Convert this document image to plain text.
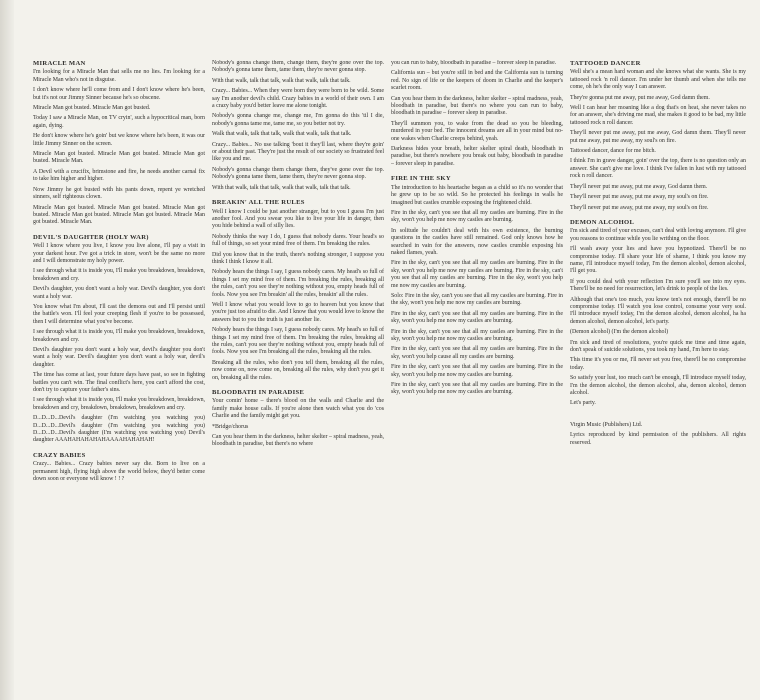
MIRACLE MAN

I'm looking for a Miracle Man that sells me no lies. I'm looking for a Miracle Man who's not in disguise.

I don't know where he'll come from and I don't know where he's been, but it's not our Jimmy Sinner because he's so obscene.

Miracle Man got busted. Miracle Man got busted.

Today I saw a Miracle Man, on TV cryin', such a hypocritical man, born again, dying.

He don't know where he's goin' but we know where he's been, it was our little Jimmy Sinner on the screen.

Miracle Man got busted. Miracle Man got busted. Miracle Man got busted. Miracle Man.

A Devil with a crucifix, brimstone and fire, he needs another carnal fix to take him higher and higher.

Now Jimmy he got busted with his pants down, repent ye wretched sinners, self righteous clown.

Miracle Man got busted. Miracle Man got busted. Miracle Man got busted. Miracle Man got busted. Miracle Man got busted. Miracle Man got busted. Miracle Man.

DEVIL'S DAUGHTER (HOLY WAR)

Well I know where you live, I know you live alone, I'll pay a visit in your darkest hour. I've got a trick in store, won't be the same no more and I will demonstrate my holy power.

I see through what it is inside you, I'll make you breakdown, breakdown, breakdown and cry.

Devil's daughter, you don't want a holy war. Devil's daughter, you don't want a holy war.

You know what I'm about, I'll cast the demons out and I'll persist until the battle's won. I'll feel your creeping flesh if you're to be possessed, then I will determine what you've become.

I see through what it is inside you, I'll make you breakdown, breakdown, breakdown and cry.

Devil's daughter you don't want a holy war, devil's daughter you don't want a holy war. Devil's daughter you don't want a holy war, devil's daughter.

The time has come at last, your future days have past, so see in fighting battles you can't win. The final conflict's here, you can't afford the cost, don't try to capture your father's sins.

I see through what it is inside you, I'll make you breakdown, breakdown, breakdown and cry, breakdown, breakdown, breakdown and cry.

D...D...D...Devil's daughter (I'm watching you watching you) D...D...D...Devil's daughter (I'm watching you watching you) D...D...D...Devil's daughter (I'm watching you watching you) Devil's daughter AAAHAHAHAHAHAAAAHAHAHAH!

CRAZY BABIES

Crazy... Babies... Crazy babies never say die. Born to live on a permanent high, flying high above the world below, they'd better come down soon or everyone will know ! ! ?

Nobody's gonna change them, change them, they're gone over the top. Nobody's gonna tame them, tame them, they're never gonna stop.

With that walk, talk that talk, walk that walk, talk that talk.

Crazy... Babies... When they were born they were born to be wild. Some say I'm another devil's child. Crazy babies in a world of their own. I am a crazy baby you'd better leave me alone tonight.

Nobody's gonna change me, change me, I'm gonna do this 'til I die, nobody's gonna tame me, tame me, so you better not try.

Walk that walk, talk that talk, walk that walk, talk that talk.

Crazy... Babies... No use talking 'bout it they'll last, where they're goin' or about their past. They're just the result of our society so frustrated feel like you and me.

Nobody's gonna change them change them, they've gone over the top. Nobody's gonna tame them, tame them, they're never gonna stop.

With that walk, talk that talk, walk that walk, talk that talk.

BREAKIN' ALL THE RULES

Well I know I could be just another stranger, but to you I guess I'm just another fool. And you swear you like to live your life in danger, then you hide behind a wall of silly lies.

Nobody thinks the way I do, I guess that nobody dares. Your head's so full of things, so set your mind free of them. I'm breaking the rules.

Did you know that in the truth, there's nothing stronger, I suppose you think I think I know it all.

Nobody hears the things I say, I guess nobody cares. My head's so full of things I set my mind free of them. I'm breaking the rules, breaking all the rules, can't you see they're nothing without you, empty heads full of fools. Now you see I'm breakin' all the rules, breakin' all the rules.

Well I know what you would love to go to heaven but you know that you're just too afraid to die. And I know that you would love to know the answers but to you the truth is just another lie.

Nobody hears the things I say, I guess nobody cares. My head's so full of things I set my mind free of them. I'm breaking the rules, breaking all the rules, can't you see they're nothing without you, empty heads full of fools. Now you see I'm breaking all the rules, breaking all the rules.

Breaking all the rules, who don't you tell them, breaking all the rules, now come on, now come on, breaking all the rules, why don't you get it on, breaking all the rules.

BLOODBATH IN PARADISE

Your comin' home – there's blood on the walls and Charlie and the family make house calls. If you're alone then watch what you do 'cos Charlie and the family might get you.

*Bridge/chorus

Can you hear them in the darkness, helter skelter – spiral madness, yeah, bloodbath in paradise, but there's no where

you can run to baby, bloodbath in paradise – forever sleep in paradise.

California sun – but you're still in bed and the California sun is turning red. No sign of life or the keepers of doom in Charlie and the keeper's scarlet room.

Can you hear them in the darkness, helter skelter – spiral madness, yeah, bloodbath in paradise, but there's no where you can run to baby, bloodbath in paradise – forever sleep in paradise.

They'll summon you, to wake from the dead so you be bleeding, murdered in your bed. The innocent dreams are all in your mind but no-one wakes when Charlie creeps behind, yeah.

Darkness hides your breath, helter skelter spiral death, bloodbath in paradise, but there's nowhere you break out baby, bloodbath in paradise – forever sleep in paradise.

FIRE IN THE SKY

The introduction to his heartache began as a child so it's no wonder that he grew up to be so wild. So he protected his feelings in walls he imagined but castles crumble exposing the frightened child.

Fire in the sky, can't you see that all my castles are burning. Fire in the sky, won't you help me now my castles are burning.

In solitude he couldn't deal with his own existence, the burning questions in the castles have still remained. God only knows how he searched in vain for the answers, now castles crumble exposing his naked flames, yeah.

Fire in the sky, can't you see that all my castles are burning. Fire in the sky, won't you help me now my castles are burning. Fire in the sky, can't you see that all my castles are burning. Fire in the sky, won't you help me now my castles are burning.

Solo: Fire in the sky, can't you see that all my castles are burning. Fire in the sky, won't you help me now my castles are burning.

Fire in the sky, can't you see that all my castles are burning. Fire in the sky, won't you help me now my castles are burning.

Fire in the sky, can't you see that all my castles are burning. Fire in the sky, won't you help me now my castles are burning.

Fire in the sky, can't you see that all my castles are burning. Fire in the sky, won't you help cause all my castles are burning.

Fire in the sky, can't you see that all my castles are burning. Fire in the sky, won't you help me now my castles are burning.

Fire in the sky, can't you see that all my castles are burning. Fire in the sky, won't you help me now my castles are burning.

TATTOOED DANCER

Well she's a mean hard woman and she knows what she wants. She is my tattooed rock 'n roll dancer. I'm under her thumb and when she tells me come, oh he's the only way I can answer.

They're gonna put me away, put me away, God damn them.

Well I can hear her moaning like a dog that's on heat, she never takes no for an answer, she's driving me mad, she makes it good to be bad, my little tattooed rock n roll dancer.

They'll never put me away, put me away, God damn them. They'll never put me away, put me away, my soul's on fire.

Tattooed dancer, dance for me bitch.

I think I'm in grave danger, goin' over the top, there is no question only an answer. She can't give me love. I think I've fallen in lust with my tattooed rock n roll dancer.

They'll never put me away, put me away, God damn them.

They'll never put me away, put me away, my soul's on fire.

They'll never put me away, put me away, my soul's on fire.

DEMON ALCOHOL

I'm sick and tired of your excuses, can't deal with loving anymore. I'll give you reasons to continue while you lie writhing on the floor.

I'll wash away your lies and have you hypnotized. There'll be no compromise today. I'll share your life of shame, I think you know my name, I'll introduce myself today, I'm the demon alcohol, demon alcohol, I'll get you.

If you could deal with your reflection I'm sure you'll see into my eyes. There'll be no need for resurrection, let's drink to people of the lies.

Although that one's too much, you know ten's not enough, there'll be no compromise today. I'll watch you lose control, consume your very soul. I'll introduce myself today, I'm the demon alcohol, demon alcohol, ha ha demon alcohol, demon alcohol, let's party.

(Demon alcohol) (I'm the demon alcohol)

I'm sick and tired of resolutions, you're quick me time and time again, don't speak of suicide solutions, you took my hand, I'm here to stay.

This time it's you or me, I'll never set you free, there'll be no compromise today.

So satisfy your lust, too much can't be enough, I'll introduce myself today, I'm the demon alcohol, the demon alcohol, aha, demon alcohol, demon alcohol.

Let's party.

Virgin Music (Publishers) Ltd.

Lyrics reproduced by kind permission of the publishers. All rights reserved.
